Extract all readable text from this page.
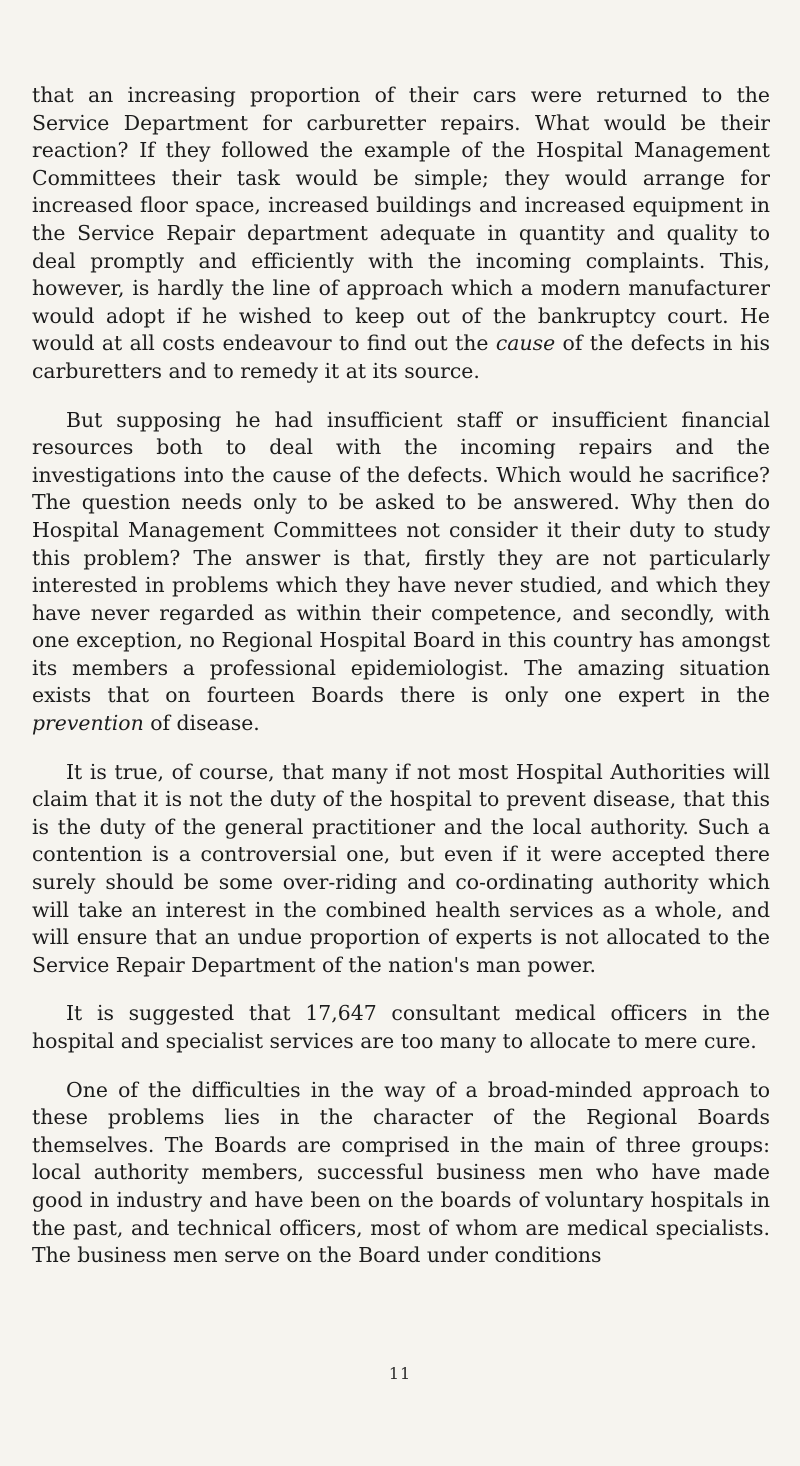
that an increasing proportion of their cars were returned to the Service Department for carburetter repairs. What would be their reaction? If they followed the example of the Hospital Management Committees their task would be simple; they would arrange for increased floor space, increased buildings and increased equipment in the Service Repair department adequate in quantity and quality to deal promptly and efficiently with the incoming complaints. This, however, is hardly the line of approach which a modern manufacturer would adopt if he wished to keep out of the bankruptcy court. He would at all costs endeavour to find out the cause of the defects in his carburetters and to remedy it at its source.

But supposing he had insufficient staff or insufficient financial resources both to deal with the incoming repairs and the investigations into the cause of the defects. Which would he sacrifice? The question needs only to be asked to be answered. Why then do Hospital Management Committees not consider it their duty to study this problem? The answer is that, firstly they are not particularly interested in problems which they have never studied, and which they have never regarded as within their competence, and secondly, with one exception, no Regional Hospital Board in this country has amongst its members a professional epidemiologist. The amazing situation exists that on fourteen Boards there is only one expert in the prevention of disease.

It is true, of course, that many if not most Hospital Authorities will claim that it is not the duty of the hospital to prevent disease, that this is the duty of the general practitioner and the local authority. Such a contention is a controversial one, but even if it were accepted there surely should be some over-riding and co-ordinating authority which will take an interest in the combined health services as a whole, and will ensure that an undue proportion of experts is not allocated to the Service Repair Department of the nation's man power.

It is suggested that 17,647 consultant medical officers in the hospital and specialist services are too many to allocate to mere cure.

One of the difficulties in the way of a broad-minded approach to these problems lies in the character of the Regional Boards themselves. The Boards are comprised in the main of three groups: local authority members, successful business men who have made good in industry and have been on the boards of voluntary hospitals in the past, and technical officers, most of whom are medical specialists. The business men serve on the Board under conditions

11
